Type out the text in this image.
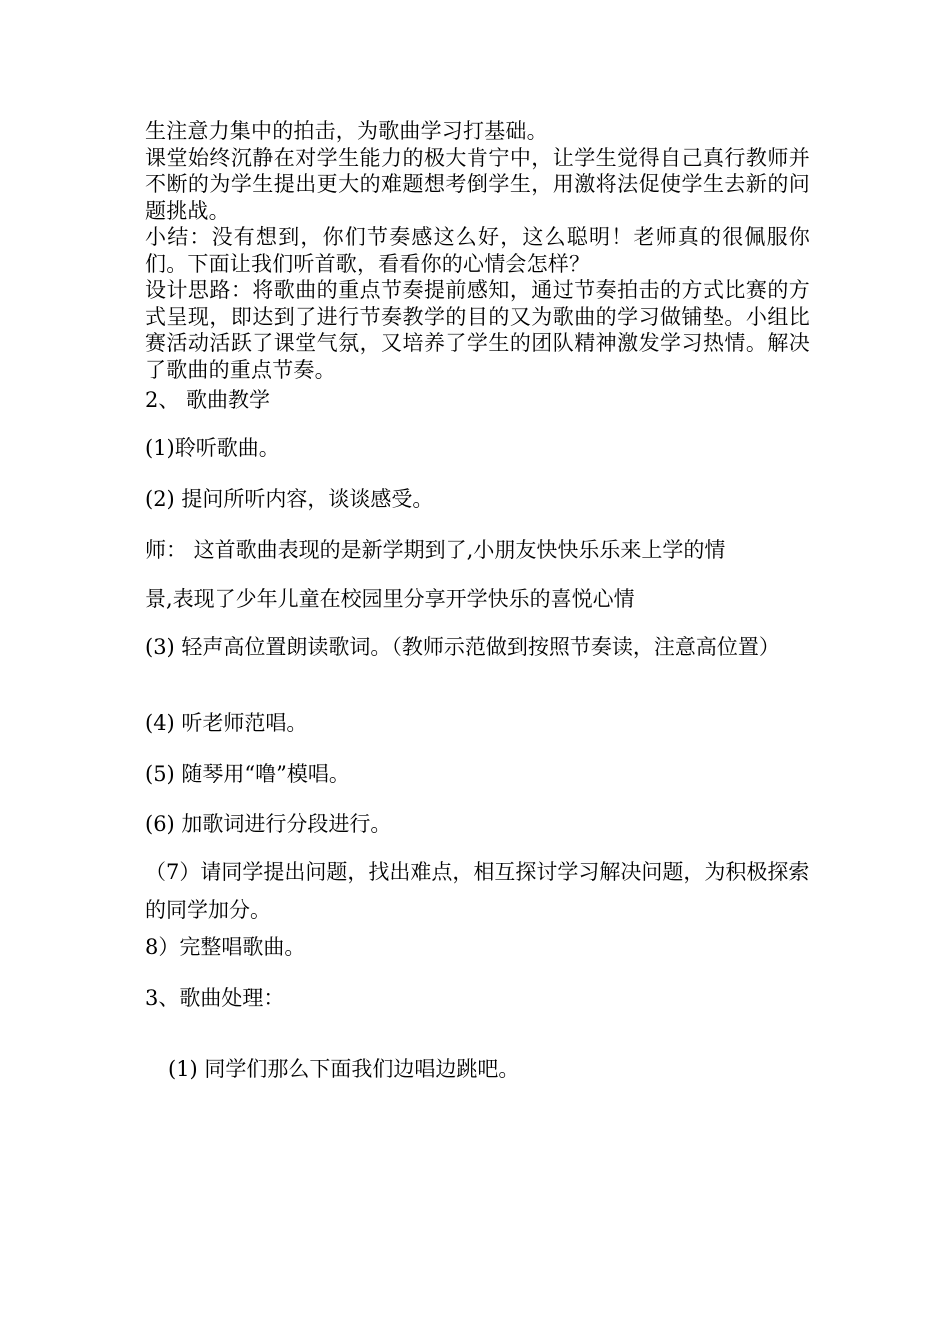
生注意力集中的拍击，为歌曲学习打基础。

课堂始终沉静在对学生能力的极大肯宁中，让学生觉得自己真行教师并不断的为学生提出更大的难题想考倒学生，用激将法促使学生去新的问题挑战。

小结：没有想到，你们节奏感这么好，这么聪明！老师真的很佩服你们。下面让我们听首歌，看看你的心情会怎样？

设计思路：将歌曲的重点节奏提前感知，通过节奏拍击的方式比赛的方式呈现，即达到了进行节奏教学的目的又为歌曲的学习做铺垫。小组比赛活动活跃了课堂气氛，又培养了学生的团队精神激发学习热情。解决了歌曲的重点节奏。

2、 歌曲教学
(1)聆听歌曲。
(2) 提问所听内容，谈谈感受。
师： 这首歌曲表现的是新学期到了,小朋友快快乐乐来上学的情
景,表现了少年儿童在校园里分享开学快乐的喜悦心情
(3) 轻声高位置朗读歌词。（教师示范做到按照节奏读，注意高位置）
(4) 听老师范唱。
(5) 随琴用“噜”模唱。
(6) 加歌词进行分段进行。
（7）请同学提出问题，找出难点，相互探讨学习解决问题，为积极探索的同学加分。
8）完整唱歌曲。
3、歌曲处理：
(1) 同学们那么下面我们边唱边跳吧。
